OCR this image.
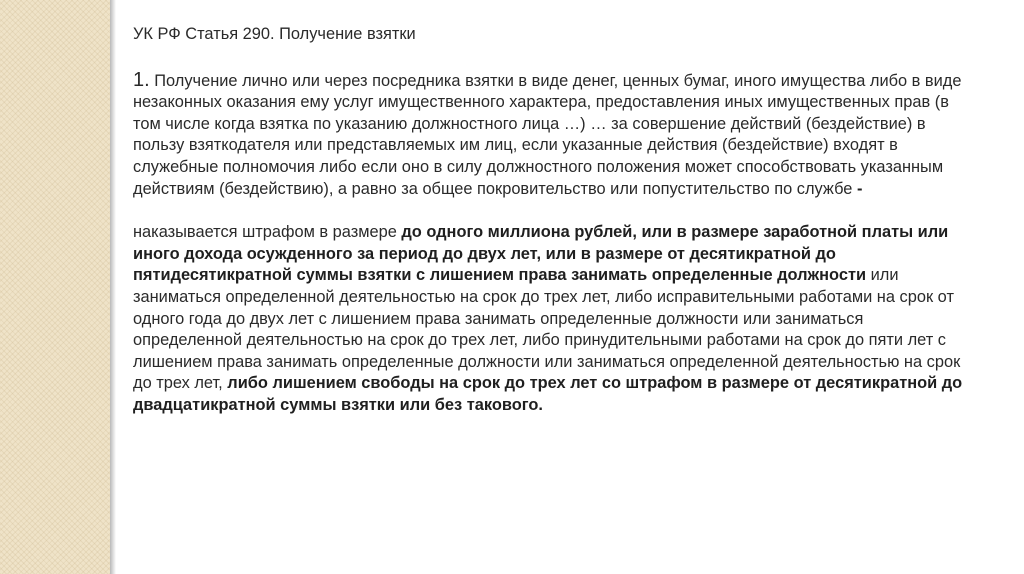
УК РФ Статья 290. Получение взятки

1. Получение лично или через посредника взятки в виде денег, ценных бумаг, иного имущества либо в виде незаконных оказания ему услуг имущественного характера, предоставления иных имущественных прав (в том числе когда взятка по указанию должностного лица …) … за совершение действий (бездействие) в пользу взяткодателя или представляемых им лиц, если указанные действия (бездействие) входят в служебные полномочия либо если оно в силу должностного положения может способствовать указанным действиям (бездействию), а равно за общее покровительство или попустительство по службе -

наказывается штрафом в размере до одного миллиона рублей, или в размере заработной платы или иного дохода осужденного за период до двух лет, или в размере от десятикратной до пятидесятикратной суммы взятки с лишением права занимать определенные должности или заниматься определенной деятельностью на срок до трех лет, либо исправительными работами на срок от одного года до двух лет с лишением права занимать определенные должности или заниматься определенной деятельностью на срок до трех лет, либо принудительными работами на срок до пяти лет с лишением права занимать определенные должности или заниматься определенной деятельностью на срок до трех лет, либо лишением свободы на срок до трех лет со штрафом в размере от десятикратной до двадцатикратной суммы взятки или без такового.
